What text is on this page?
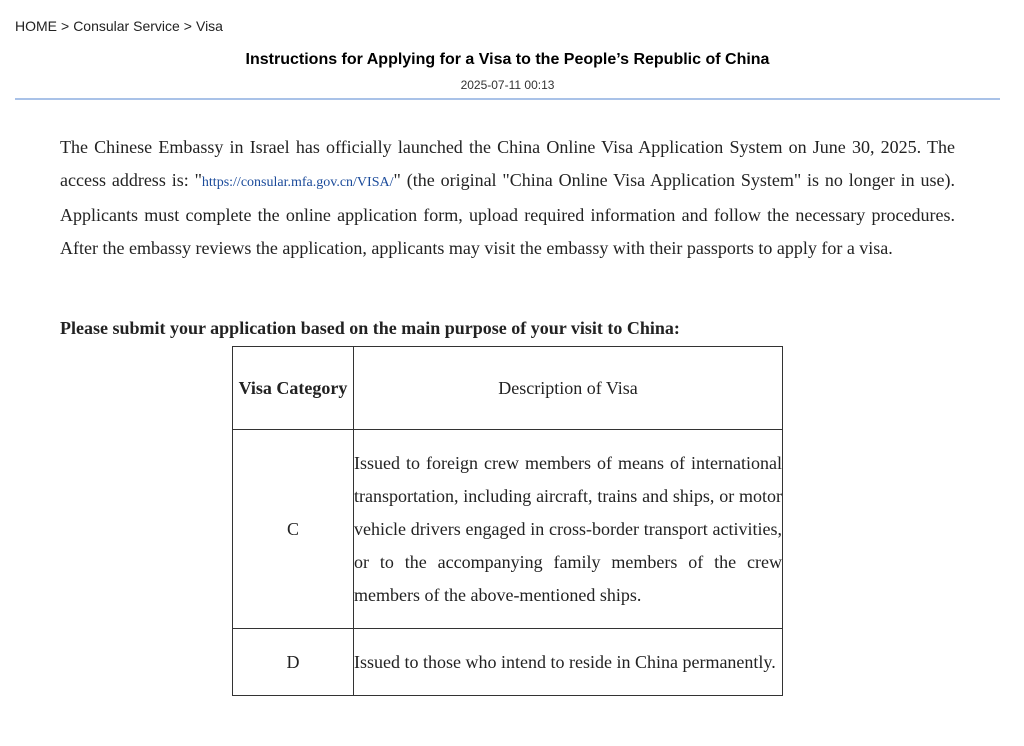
HOME > Consular Service > Visa
Instructions for Applying for a Visa to the People’s Republic of China
2025-07-11 00:13

The Chinese Embassy in Israel has officially launched the China Online Visa Application System on June 30, 2025. The access address is: "https://consular.mfa.gov.cn/VISA/" (the original "China Online Visa Application System" is no longer in use). Applicants must complete the online application form, upload required information and follow the necessary procedures. After the embassy reviews the application, applicants may visit the embassy with their passports to apply for a visa.

Please submit your application based on the main purpose of your visit to China:
Visa Category	Description of Visa
C	Issued to foreign crew members of means of international transportation, including aircraft, trains and ships, or motor vehicle drivers engaged in cross-border transport activities, or to the accompanying family members of the crew members of the above-mentioned ships.
D	Issued to those who intend to reside in China permanently.
